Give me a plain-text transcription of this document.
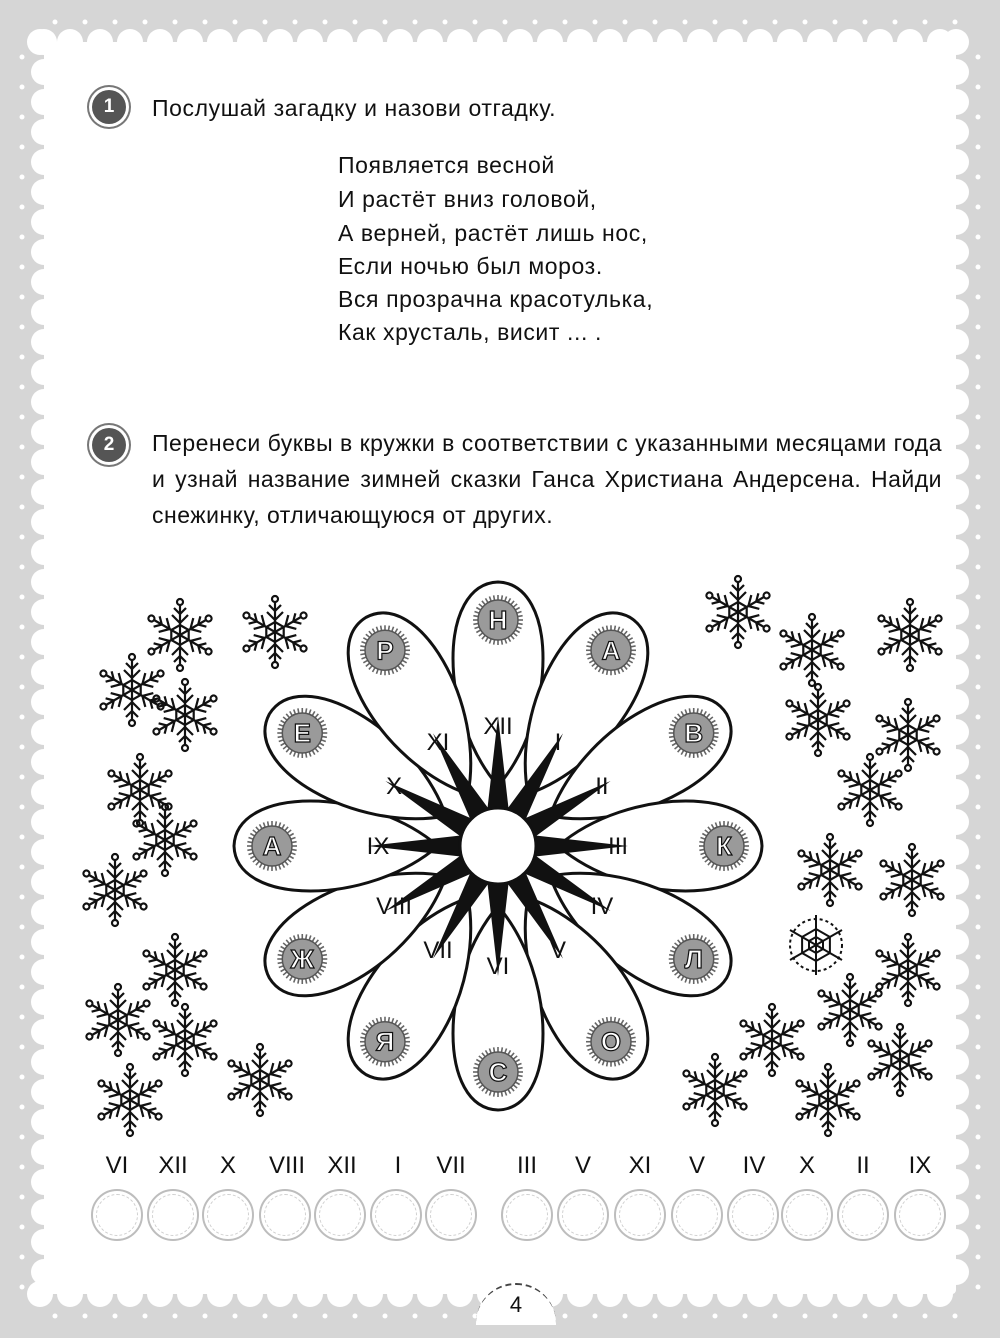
1 Послушай загадку и назови отгадку.
Появляется весной
И растёт вниз головой,
А верней, растёт лишь нос,
Если ночью был мороз.
Вся прозрачна красотулька,
Как хрусталь, висит ... .
2 Перенеси буквы в кружки в соответствии с указанными месяцами года и узнай название зимней сказки Ганса Христиана Андерсена. Найди снежинку, отличающуюся от других.
Н
XII
А
I	В
II
К
III
Л
IV
О
V
С
VI
Я
VII
Ж
VIII
А	IX
Е
X
Р
XI
VI	XII	X	VIII XII	I	VII	III	V	XI	V	IV	X	II	IX
4
